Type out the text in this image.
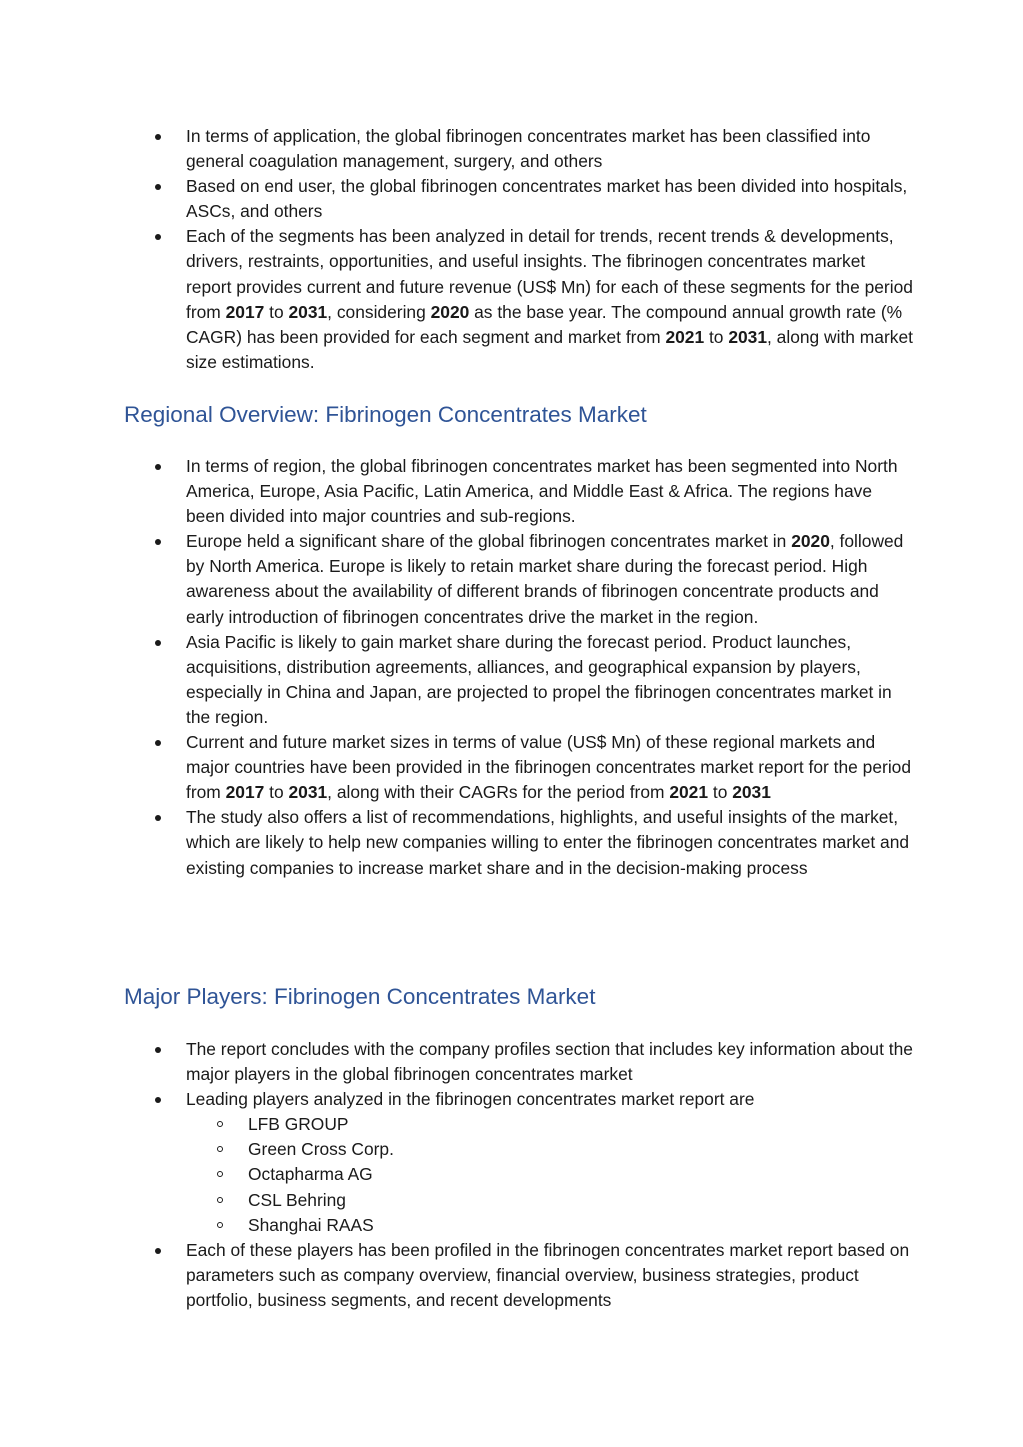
In terms of application, the global fibrinogen concentrates market has been classified into general coagulation management, surgery, and others
Based on end user, the global fibrinogen concentrates market has been divided into hospitals, ASCs, and others
Each of the segments has been analyzed in detail for trends, recent trends & developments, drivers, restraints, opportunities, and useful insights. The fibrinogen concentrates market report provides current and future revenue (US$ Mn) for each of these segments for the period from 2017 to 2031, considering 2020 as the base year. The compound annual growth rate (% CAGR) has been provided for each segment and market from 2021 to 2031, along with market size estimations.
Regional Overview: Fibrinogen Concentrates Market
In terms of region, the global fibrinogen concentrates market has been segmented into North America, Europe, Asia Pacific, Latin America, and Middle East & Africa. The regions have been divided into major countries and sub-regions.
Europe held a significant share of the global fibrinogen concentrates market in 2020, followed by North America. Europe is likely to retain market share during the forecast period. High awareness about the availability of different brands of fibrinogen concentrate products and early introduction of fibrinogen concentrates drive the market in the region.
Asia Pacific is likely to gain market share during the forecast period. Product launches, acquisitions, distribution agreements, alliances, and geographical expansion by players, especially in China and Japan, are projected to propel the fibrinogen concentrates market in the region.
Current and future market sizes in terms of value (US$ Mn) of these regional markets and major countries have been provided in the fibrinogen concentrates market report for the period from 2017 to 2031, along with their CAGRs for the period from 2021 to 2031
The study also offers a list of recommendations, highlights, and useful insights of the market, which are likely to help new companies willing to enter the fibrinogen concentrates market and existing companies to increase market share and in the decision-making process
Major Players: Fibrinogen Concentrates Market
The report concludes with the company profiles section that includes key information about the major players in the global fibrinogen concentrates market
Leading players analyzed in the fibrinogen concentrates market report are
LFB GROUP
Green Cross Corp.
Octapharma AG
CSL Behring
Shanghai RAAS
Each of these players has been profiled in the fibrinogen concentrates market report based on parameters such as company overview, financial overview, business strategies, product portfolio, business segments, and recent developments
